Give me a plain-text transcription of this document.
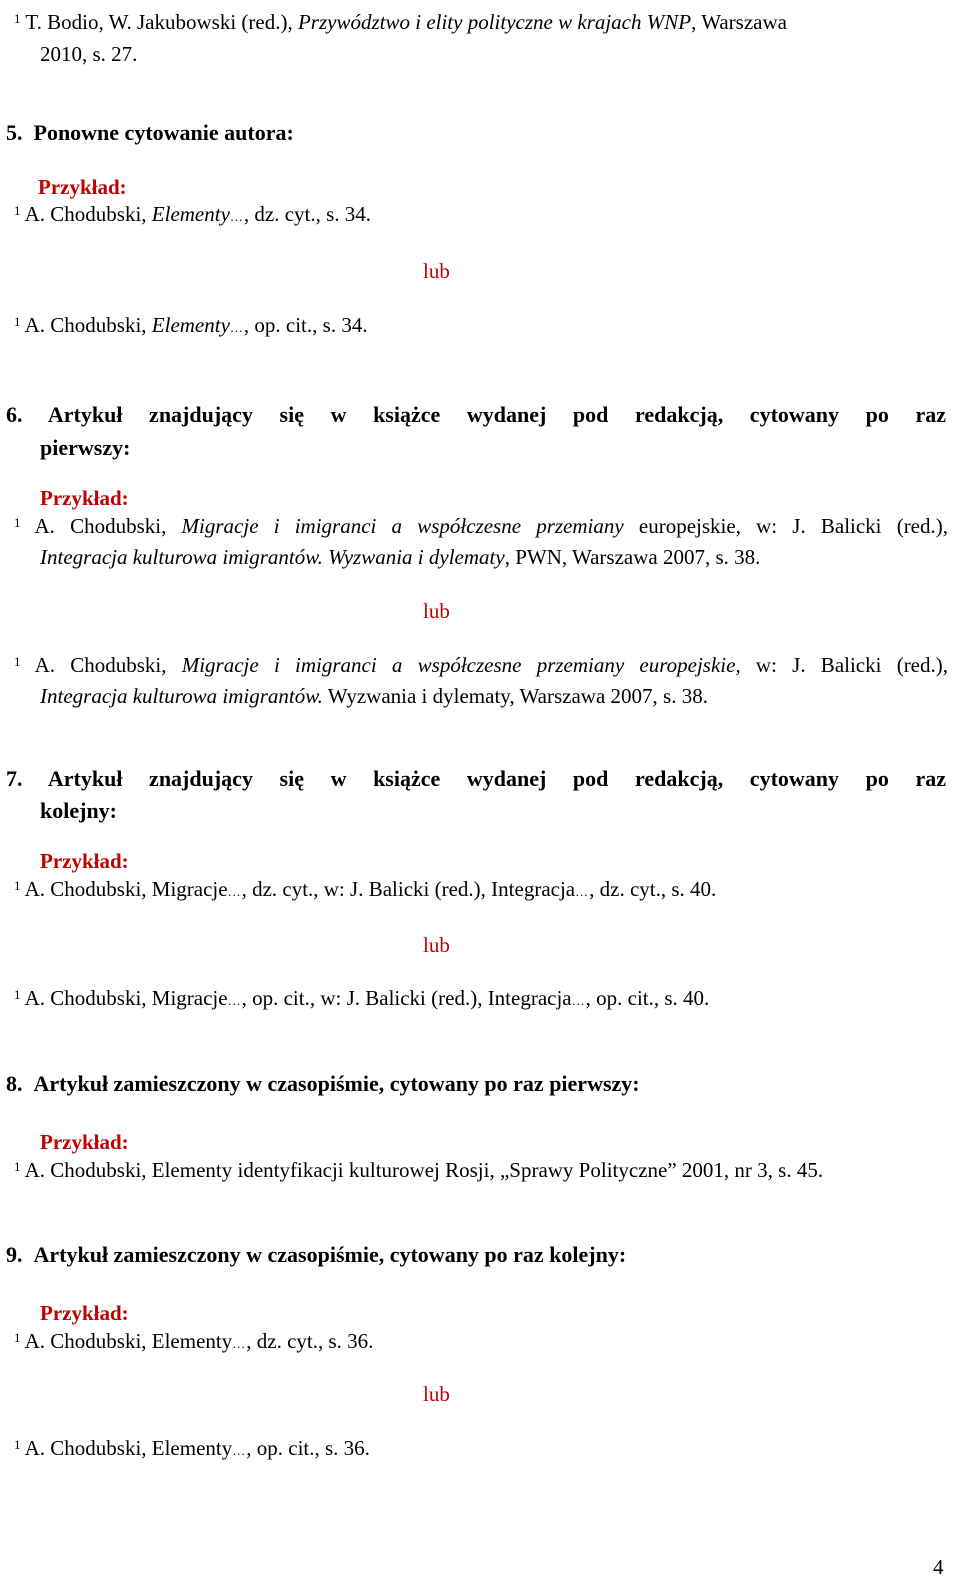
$^1$ T. Bodio, W. Jakubowski (red.), Przywództwo i elity polityczne w krajach WNP, Warszawa
2010, s. 27.
5. Ponowne cytowanie autora:
Przykład:
$^1$ A. Chodubski, Elementy…, dz. cyt., s. 34.
lub
$^1$ A. Chodubski, Elementy…, op. cit., s. 34.
6. Artykuł znajdujący się w książce wydanej pod redakcją, cytowany po raz
pierwszy:
Przykład:
$^1$ A. Chodubski, Migracje i imigranci a współczesne przemiany europejskie, w: J. Balicki (red.),
Integracja kulturowa imigrantów. Wyzwania i dylematy, PWN, Warszawa 2007, s. 38.
lub
$^1$ A. Chodubski, Migracje i imigranci a współczesne przemiany europejskie, w: J. Balicki (red.),
Integracja kulturowa imigrantów. Wyzwania i dylematy, Warszawa 2007, s. 38.
7. Artykuł znajdujący się w książce wydanej pod redakcją, cytowany po raz
kolejny:
Przykład:
$^1$ A. Chodubski, Migracje…, dz. cyt., w: J. Balicki (red.), Integracja…, dz. cyt., s. 40.
lub
$^1$ A. Chodubski, Migracje…, op. cit., w: J. Balicki (red.), Integracja…, op. cit., s. 40.
8. Artykuł zamieszczony w czasopiśmie, cytowany po raz pierwszy:
Przykład:
$^1$ A. Chodubski, Elementy identyfikacji kulturowej Rosji, „Sprawy Polityczne” 2001, nr 3, s. 45.
9. Artykuł zamieszczony w czasopiśmie, cytowany po raz kolejny:
Przykład:
$^1$ A. Chodubski, Elementy…, dz. cyt., s. 36.
lub
$^1$ A. Chodubski, Elementy…, op. cit., s. 36.
4
